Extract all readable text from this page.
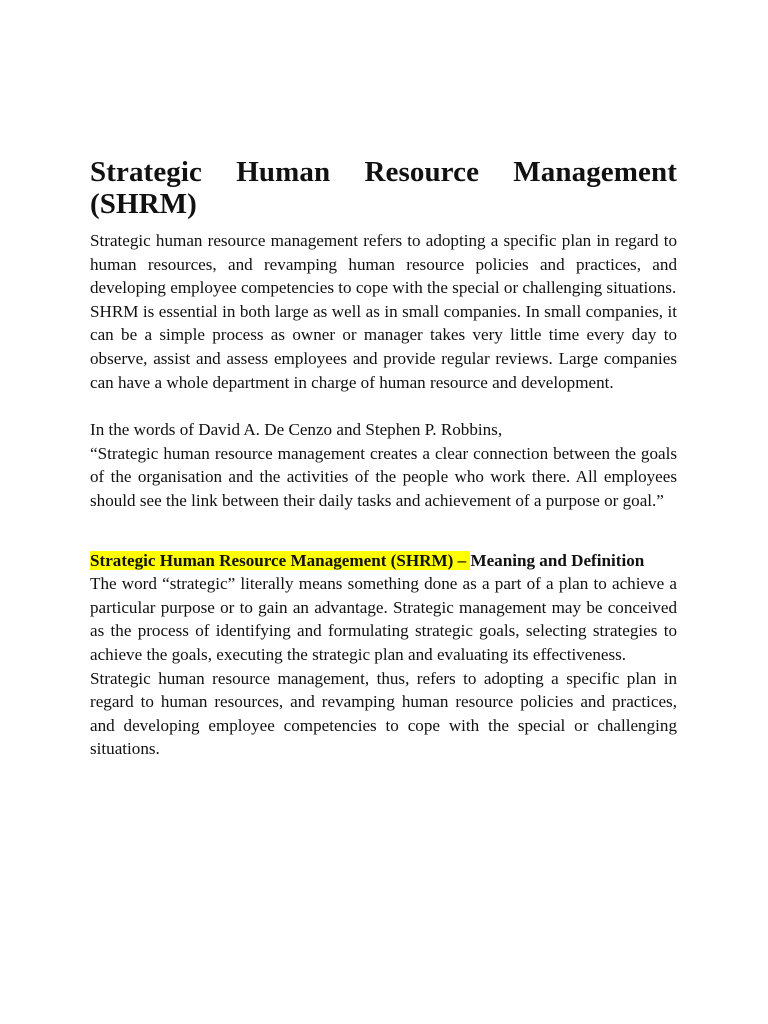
Strategic Human Resource Management (SHRM)

Strategic human resource management refers to adopting a specific plan in regard to human resources, and revamping human resource policies and practices, and developing employee competencies to cope with the special or challenging situations.

SHRM is essential in both large as well as in small companies. In small companies, it can be a simple process as owner or manager takes very little time every day to observe, assist and assess employees and provide regular reviews. Large companies can have a whole department in charge of human resource and development.

In the words of David A. De Cenzo and Stephen P. Robbins,

“Strategic human resource management creates a clear connection between the goals of the organisation and the activities of the people who work there. All employees should see the link between their daily tasks and achievement of a purpose or goal.”

Strategic Human Resource Management (SHRM) – Meaning and Definition

The word “strategic” literally means something done as a part of a plan to achieve a particular purpose or to gain an advantage. Strategic management may be conceived as the process of identifying and formulating strategic goals, selecting strategies to achieve the goals, executing the strategic plan and evaluating its effectiveness.

Strategic human resource management, thus, refers to adopting a specific plan in regard to human resources, and revamping human resource policies and practices, and developing employee competencies to cope with the special or challenging situations.
